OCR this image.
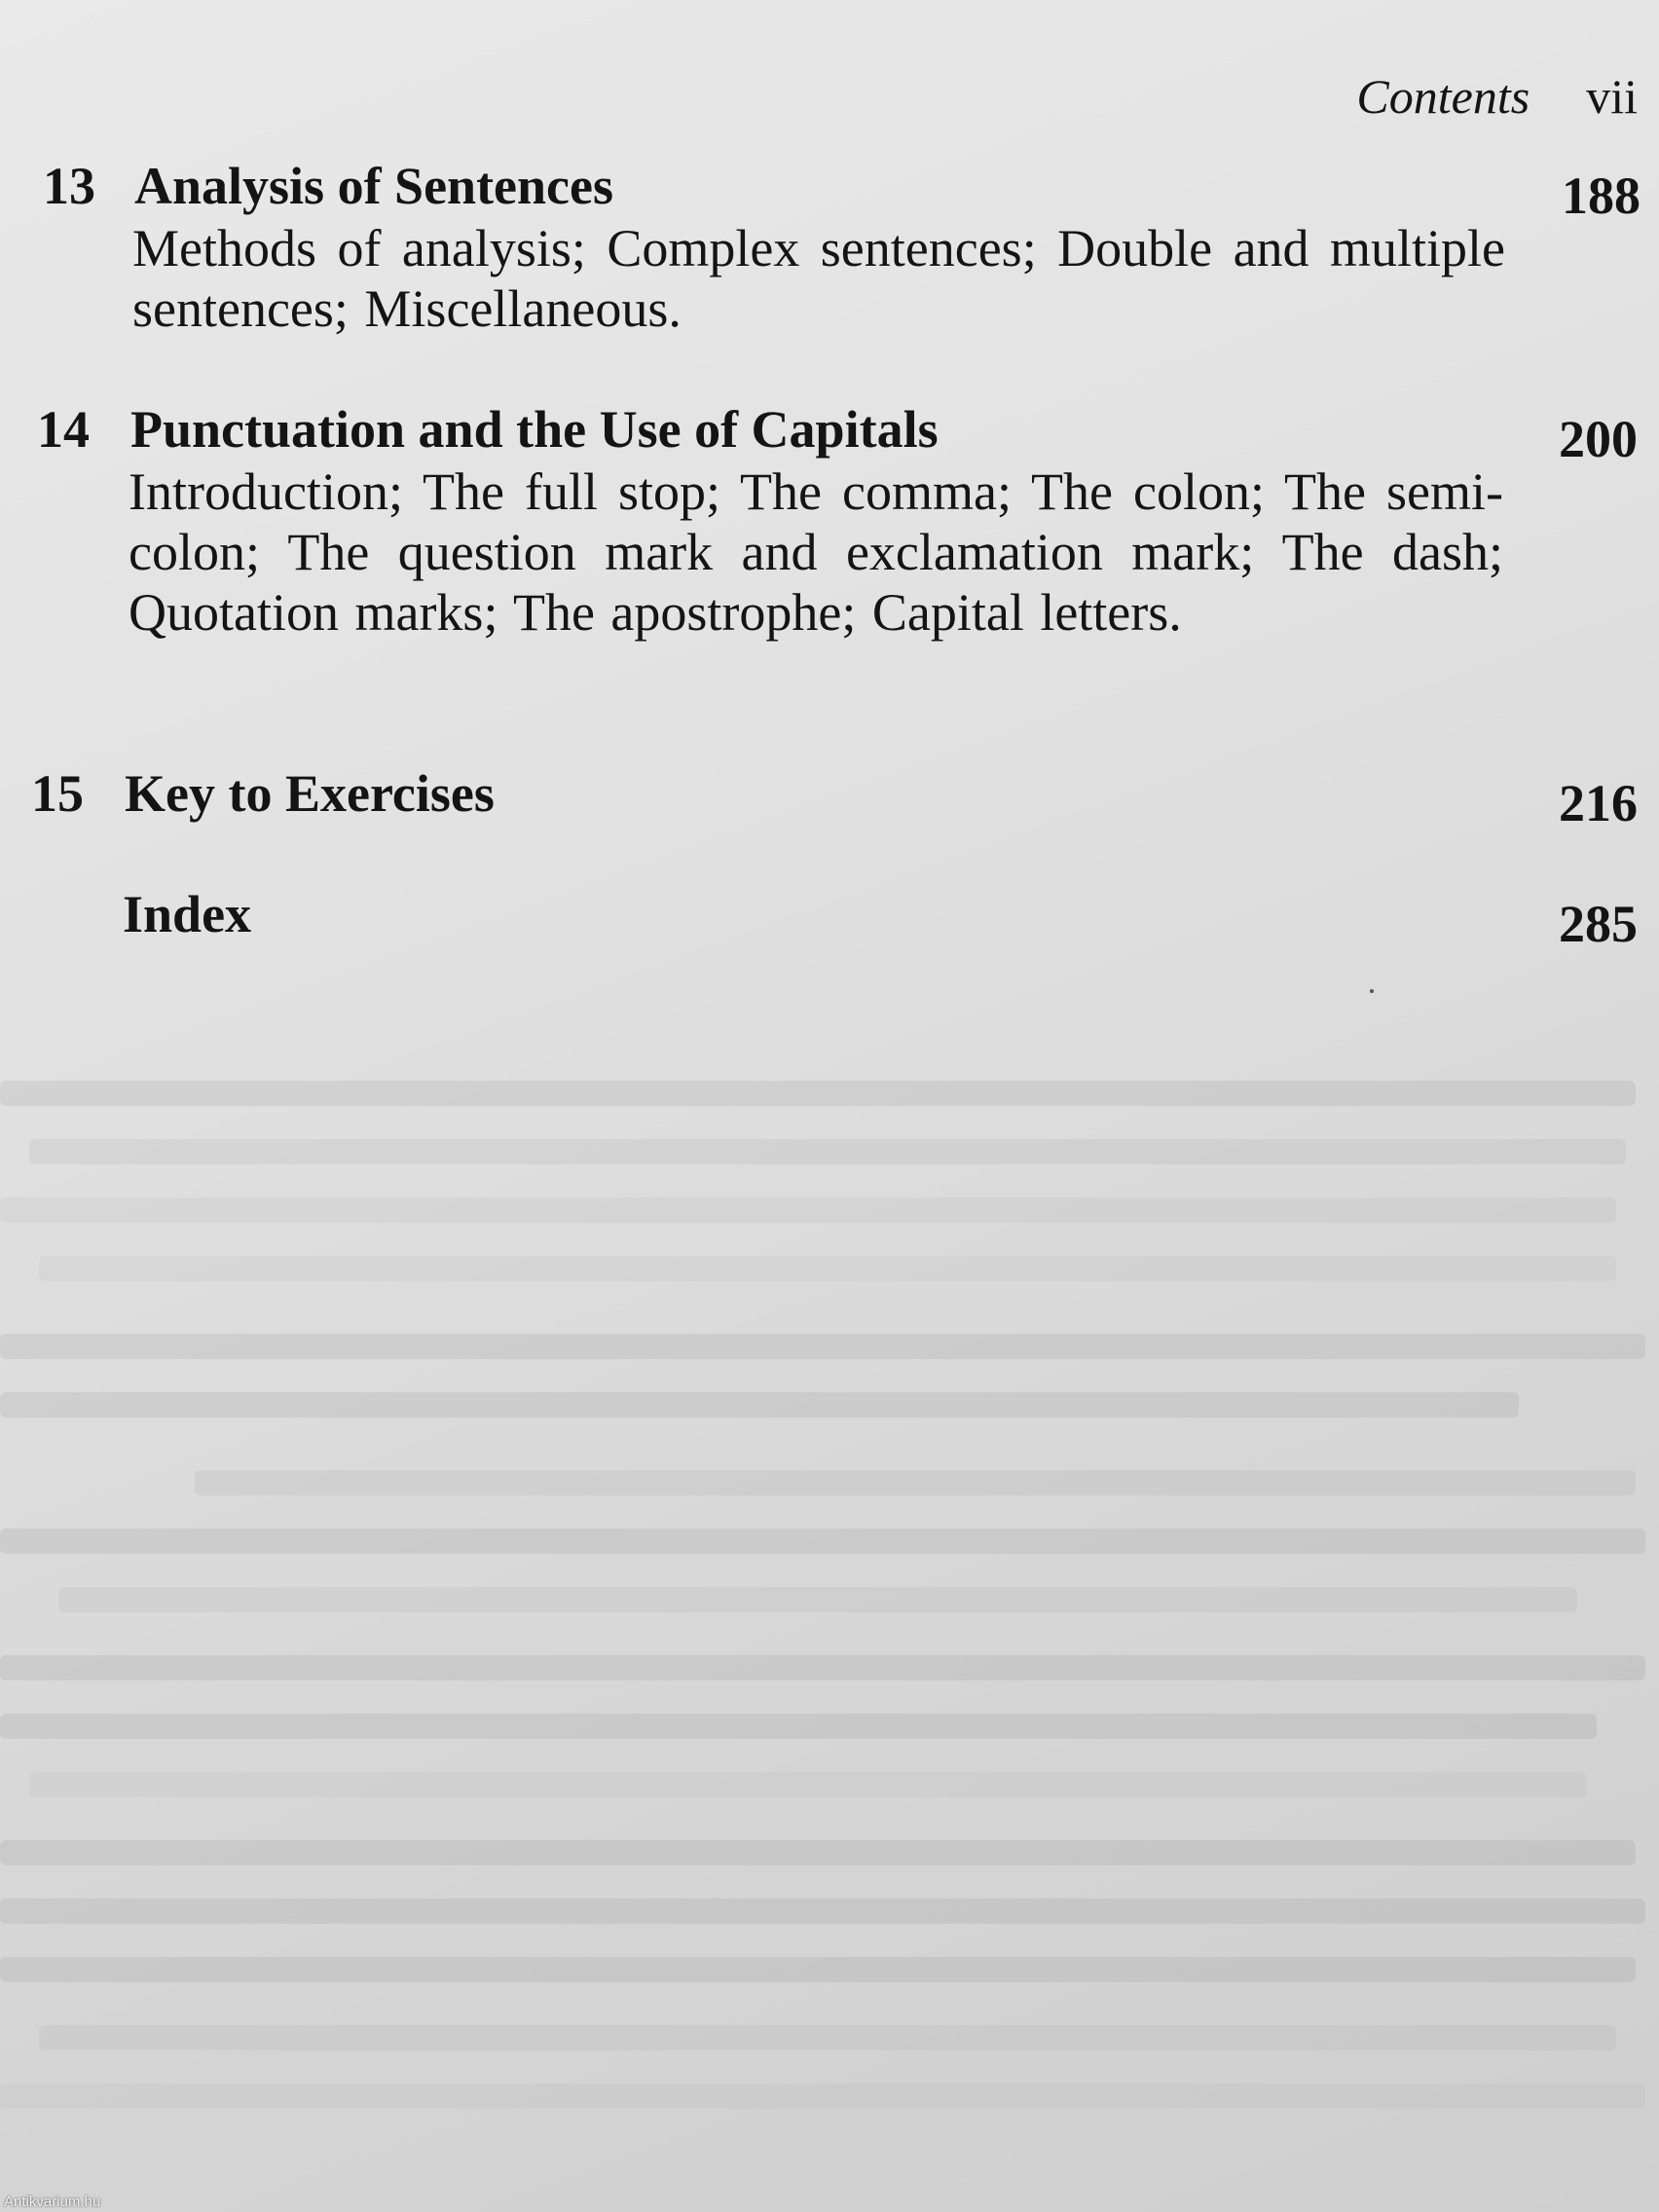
Contents vii
13 Analysis of Sentences	188
Methods of analysis; Complex sentences; Double and multiple sentences; Miscellaneous.
14 Punctuation and the Use of Capitals	200
Introduction; The full stop; The comma; The colon; The semi-colon; The question mark and exclamation mark; The dash; Quotation marks; The apostrophe; Capital letters.
15 Key to Exercises	216
Index	285
Antikvarium.hu
